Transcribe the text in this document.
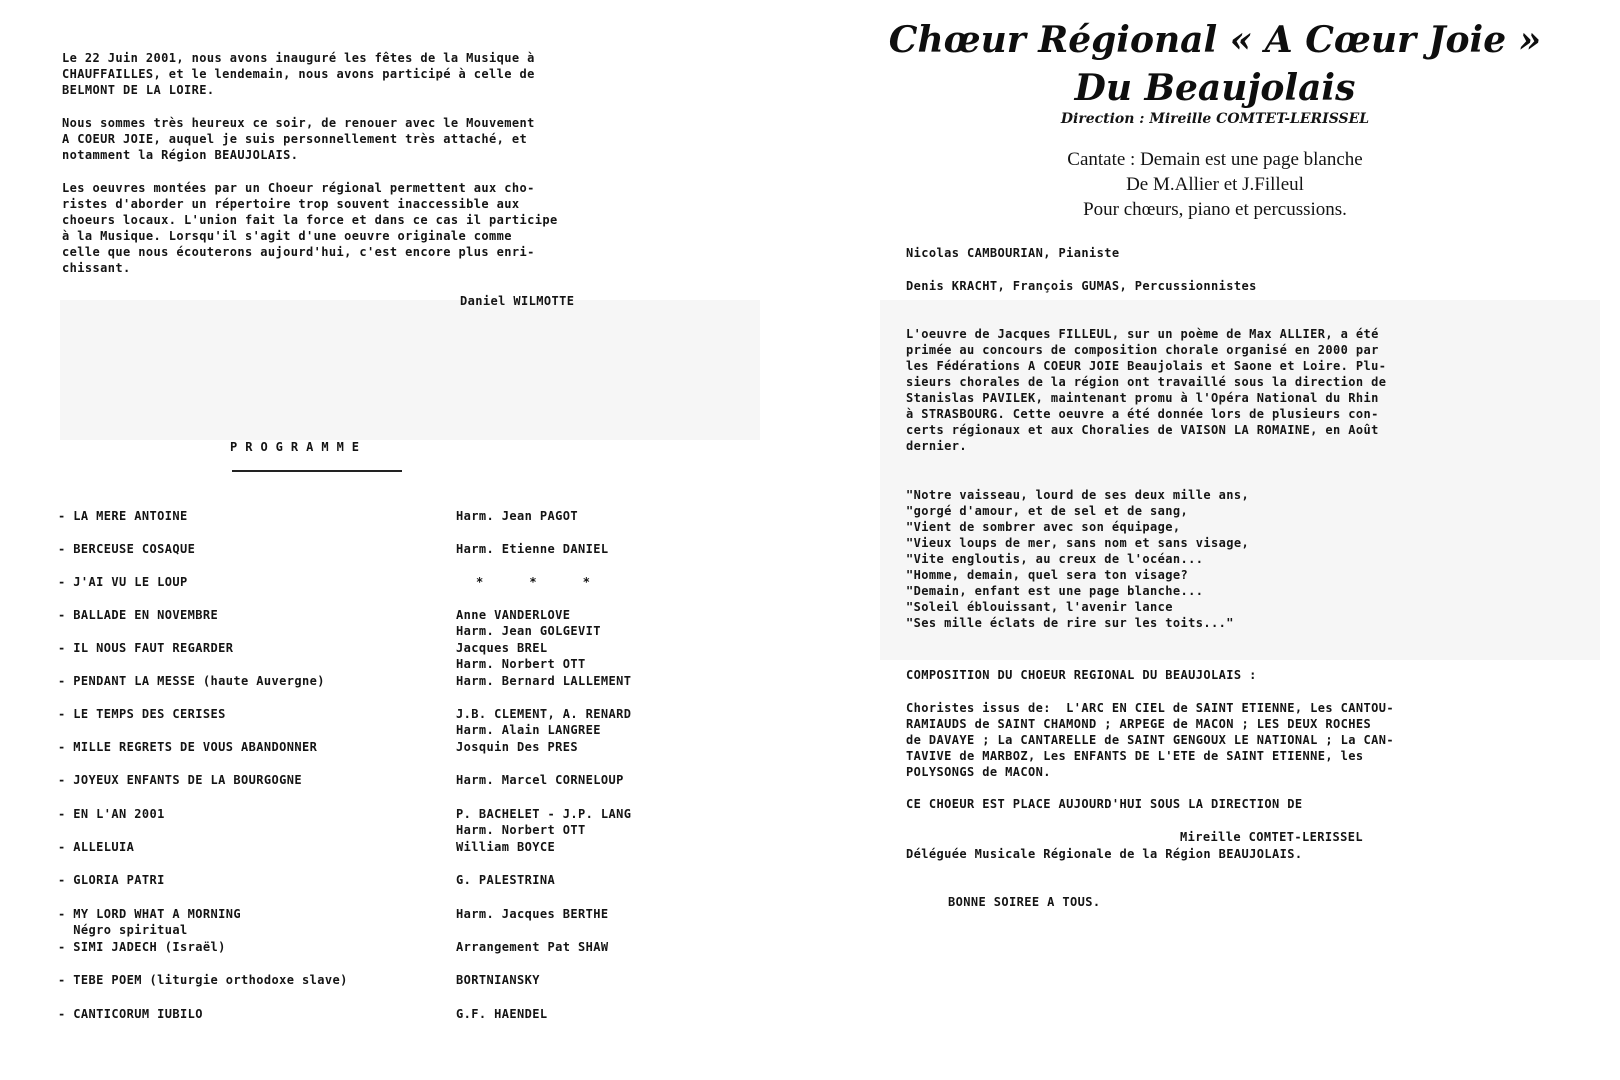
Le 22 Juin 2001, nous avons inauguré les fêtes de la Musique à
CHAUFFAILLES, et le lendemain, nous avons participé à celle de
BELMONT DE LA LOIRE.

Nous sommes très heureux ce soir, de renouer avec le Mouvement
A COEUR JOIE, auquel je suis personnellement très attaché, et
notamment la Région BEAUJOLAIS.

Les oeuvres montées par un Choeur régional permettent aux cho-
ristes d'aborder un répertoire trop souvent inaccessible aux
choeurs locaux. L'union fait la force et dans ce cas il participe
à la Musique. Lorsqu'il s'agit d'une oeuvre originale comme
celle que nous écouterons aujourd'hui, c'est encore plus enri-
chissant.

Daniel WILMOTTE
PROGRAMME

- LA MERE ANTOINE

	Harm. Jean PAGOT

- BERCEUSE COSAQUE

	Harm. Etienne DANIEL

- J'AI VU LE LOUP

	*      *      *

- BALLADE EN NOVEMBRE

	Anne VANDERLOVE
Harm. Jean GOLGEVIT

- IL NOUS FAUT REGARDER

	Jacques BREL
Harm. Norbert OTT

- PENDANT LA MESSE (haute Auvergne)

	Harm. Bernard LALLEMENT

- LE TEMPS DES CERISES

	J.B. CLEMENT, A. RENARD
Harm. Alain LANGREE

- MILLE REGRETS DE VOUS ABANDONNER

	Josquin Des PRES

- JOYEUX ENFANTS DE LA BOURGOGNE

	Harm. Marcel CORNELOUP

- EN L'AN 2001

	P. BACHELET - J.P. LANG
Harm. Norbert OTT

- ALLELUIA

	William BOYCE

- GLORIA PATRI

	G. PALESTRINA

- MY LORD WHAT A MORNING
Négro spiritual

Harm. Jacques BERTHE

- SIMI JADECH (Israël)

	Arrangement Pat SHAW

- TEBE POEM (liturgie orthodoxe slave)

	BORTNIANSKY

- CANTICORUM IUBILO

	G.F. HAENDEL

Chœur Régional « A Cœur Joie »
Du Beaujolais
Direction : Mireille COMTET-LERISSEL
Cantate : Demain est une page blanche
De M.Allier et J.Filleul
Pour chœurs, piano et percussions.
Nicolas CAMBOURIAN, Pianiste
Denis KRACHT, François GUMAS, Percussionnistes

L'oeuvre de Jacques FILLEUL, sur un poème de Max ALLIER, a été
primée au concours de composition chorale organisé en 2000 par
les Fédérations A COEUR JOIE Beaujolais et Saone et Loire. Plu-
sieurs chorales de la région ont travaillé sous la direction de
Stanislas PAVILEK, maintenant promu à l'Opéra National du Rhin
à STRASBOURG. Cette oeuvre a été donnée lors de plusieurs con-
certs régionaux et aux Choralies de VAISON LA ROMAINE, en Août
dernier.

"Notre vaisseau, lourd de ses deux mille ans,
"gorgé d'amour, et de sel et de sang,
"Vient de sombrer avec son équipage,
"Vieux loups de mer, sans nom et sans visage,
"Vite engloutis, au creux de l'océan...
"Homme, demain, quel sera ton visage?
"Demain, enfant est une page blanche...
"Soleil éblouissant, l'avenir lance
"Ses mille éclats de rire sur les toits..."

COMPOSITION DU CHOEUR REGIONAL DU BEAUJOLAIS :

Choristes issus de:  L'ARC EN CIEL de SAINT ETIENNE, Les CANTOU-
RAMIAUDS de SAINT CHAMOND ; ARPEGE de MACON ; LES DEUX ROCHES
de DAVAYE ; La CANTARELLE de SAINT GENGOUX LE NATIONAL ; La CAN-
TAVIVE de MARBOZ, Les ENFANTS DE L'ETE de SAINT ETIENNE, les
POLYSONGS de MACON.

CE CHOEUR EST PLACE AUJOURD'HUI SOUS LA DIRECTION DE
Mireille COMTET-LERISSEL
Déléguée Musicale Régionale de la Région BEAUJOLAIS.
BONNE SOIREE A TOUS.
